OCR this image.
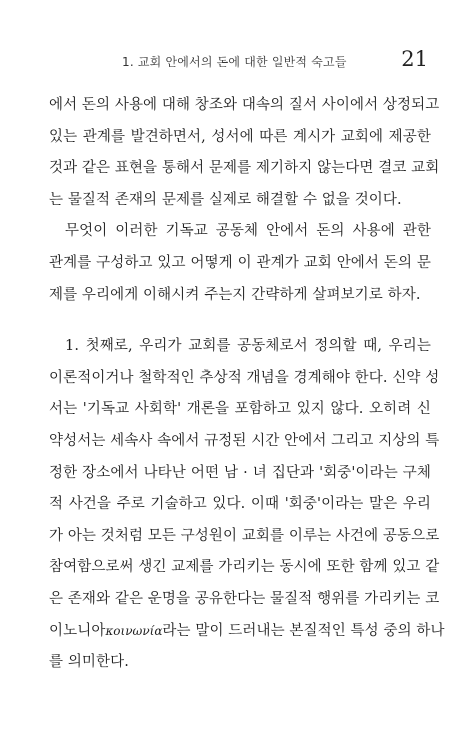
1. 교회 안에서의 돈에 대한 일반적 숙고들	21
에서 돈의 사용에 대해 창조와 대속의 질서 사이에서 상정되고
있는 관계를 발견하면서, 성서에 따른 계시가 교회에 제공한
것과 같은 표현을 통해서 문제를 제기하지 않는다면 결코 교회
는 물질적 존재의 문제를 실제로 해결할 수 없을 것이다.
무엇이 이러한 기독교 공동체 안에서 돈의 사용에 관한
관계를 구성하고 있고 어떻게 이 관계가 교회 안에서 돈의 문
제를 우리에게 이해시켜 주는지 간략하게 살펴보기로 하자.
1. 첫째로, 우리가 교회를 공동체로서 정의할 때, 우리는
이론적이거나 철학적인 추상적 개념을 경계해야 한다. 신약 성
서는 '기독교 사회학' 개론을 포함하고 있지 않다. 오히려 신
약성서는 세속사 속에서 규정된 시간 안에서 그리고 지상의 특
정한 장소에서 나타난 어떤 남 · 녀 집단과 '회중'이라는 구체
적 사건을 주로 기술하고 있다. 이때 '회중'이라는 말은 우리
가 아는 것처럼 모든 구성원이 교회를 이루는 사건에 공동으로
참여함으로써 생긴 교제를 가리키는 동시에 또한 함께 있고 같
은 존재와 같은 운명을 공유한다는 물질적 행위를 가리키는 코
이노니아κοινωνία라는 말이 드러내는 본질적인 특성 중의 하나
를 의미한다.
